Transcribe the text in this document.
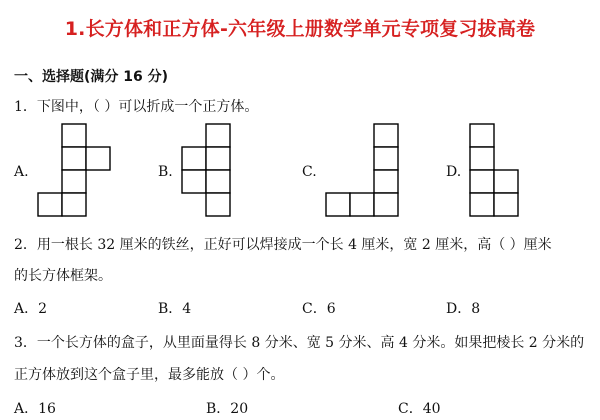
1.长方体和正方体-六年级上册数学单元专项复习拔高卷
一、选择题(满分 16 分)
1．下图中，（ ）可以折成一个正方体。
A.	B.	C.	D.
2．用一根长 32 厘米的铁丝，正好可以焊接成一个长 4 厘米，宽 2 厘米，高（ ）厘米
的长方体框架。
A．2	B．4	C．6	D．8
3．一个长方体的盒子，从里面量得长 8 分米、宽 5 分米、高 4 分米。如果把棱长 2 分米的
正方体放到这个盒子里，最多能放（ ）个。
A．16	B．20	C．40
